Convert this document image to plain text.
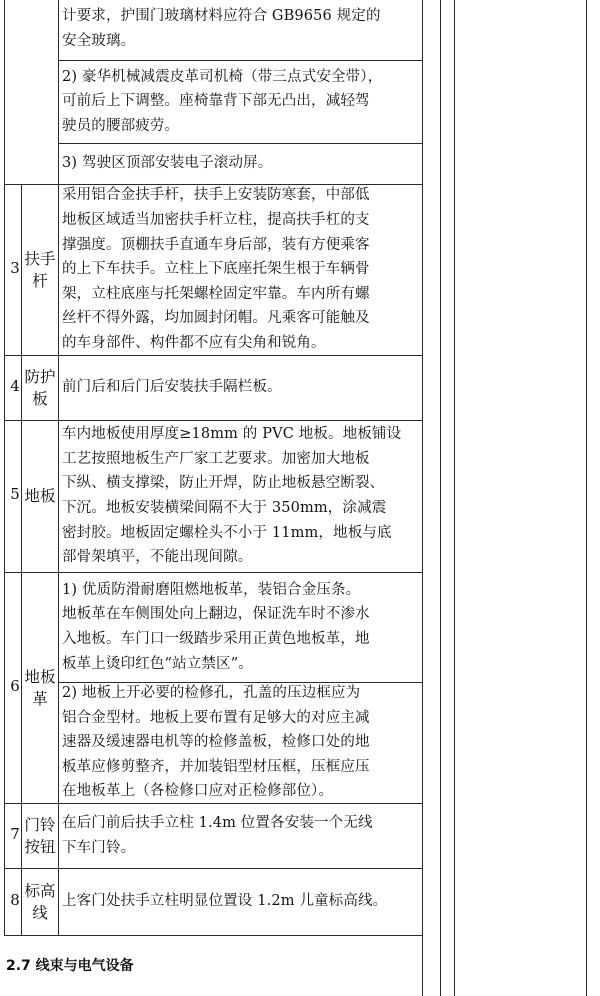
计要求，护围门玻璃材料应符合 GB9656 规定的
安全玻璃。
2) 豪华机械减震皮革司机椅（带三点式安全带），
可前后上下调整。座椅靠背下部无凸出，减轻驾
驶员的腰部疲劳。
3) 驾驶区顶部安装电子滚动屏。
3 扶手
杆
采用铝合金扶手杆，扶手上安装防寒套，中部低
地板区域适当加密扶手杆立柱，提高扶手杠的支
撑强度。顶棚扶手直通车身后部，装有方便乘客
的上下车扶手。立柱上下底座托架生根于车辆骨
架，立柱底座与托架螺栓固定牢靠。车内所有螺
丝杆不得外露，均加圆封闭帽。凡乘客可能触及
的车身部件、构件都不应有尖角和锐角。
4 防护
板
前门后和后门后安装扶手隔栏板。
5 地板
车内地板使用厚度≥18mm 的 PVC 地板。地板铺设
工艺按照地板生产厂家工艺要求。加密加大地板
下纵、横支撑梁，防止开焊，防止地板悬空断裂、
下沉。地板安装横梁间隔不大于 350mm，涂减震
密封胶。地板固定螺栓头不小于 11mm，地板与底
部骨架填平，不能出现间隙。
6 地板
革
1) 优质防滑耐磨阻燃地板革，装铝合金压条。
地板革在车侧围处向上翻边，保证洗车时不渗水
入地板。车门口一级踏步采用正黄色地板革，地
板革上烫印红色“站立禁区”。
2) 地板上开必要的检修孔，孔盖的压边框应为
铝合金型材。地板上要布置有足够大的对应主减
速器及缓速器电机等的检修盖板，检修口处的地
板革应修剪整齐，并加装铝型材压框，压框应压
在地板革上（各检修口应对正检修部位）。
7 门铃
按钮
在后门前后扶手立柱 1.4m 位置各安装一个无线
下车门铃。
8 标高
线
上客门处扶手立柱明显位置设 1.2m 儿童标高线。
2.7 线束与电气设备
